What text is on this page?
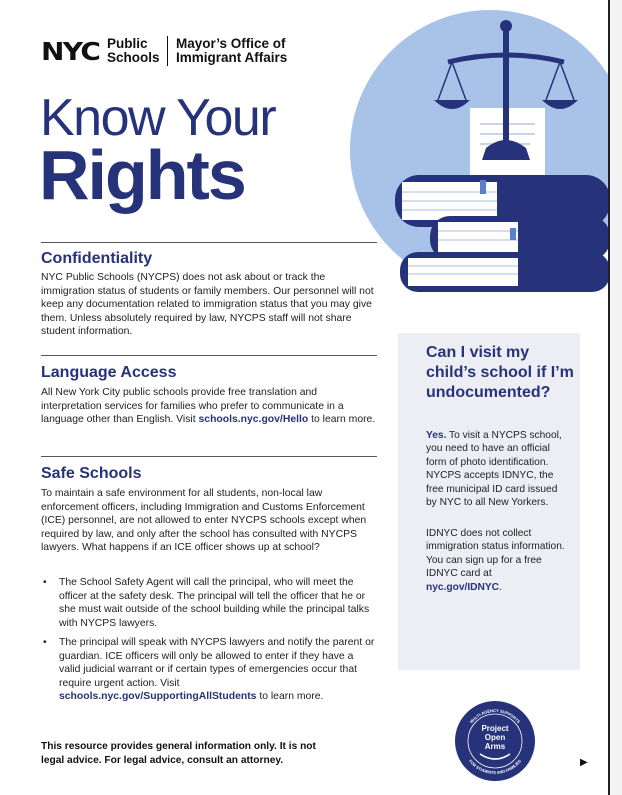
NYC Public
Schools
Mayor’s Office of
Immigrant Affairs
Know Your
Rights
Confidentiality

NYC Public Schools (NYCPS) does not ask about or track the immigration status of students or family members. Our personnel will not keep any documentation related to immigration status that you may give them. Unless absolutely required by law, NYCPS staff will not share student information.

Language Access

All New York City public schools provide free translation and interpretation services for families who prefer to communicate in a language other than English. Visit schools.nyc.gov/Hello to learn more.

Safe Schools

To maintain a safe environment for all students, non-local law enforcement officers, including Immigration and Customs Enforcement (ICE) personnel, are not allowed to enter NYCPS schools except when required by law, and only after the school has consulted with NYCPS lawyers. What happens if an ICE officer shows up at school?

• The School Safety Agent will call the principal, who will meet the officer at the safety desk. The principal will tell the officer that he or she must wait outside of the school building while the principal talks with NYCPS lawyers.
• The principal will speak with NYCPS lawyers and notify the parent or guardian. ICE officers will only be allowed to enter if they have a valid judicial warrant or if certain types of emergencies occur that require urgent action. Visit schools.nyc.gov/SupportingAllStudents to learn more.
Can I visit my child’s school if I’m undocumented?
Yes. To visit a NYCPS school, you need to have an official form of photo identification. NYCPS accepts IDNYC, the free municipal ID card issued by NYC to all New Yorkers.
IDNYC does not collect immigration status information. You can sign up for a free IDNYC card at nyc.gov/IDNYC.
This resource provides general information only. It is not legal advice. For legal advice, consult an attorney.
MULTI-AGENCY SUPPORTS
FOR STUDENTS AND FAMILIES
Project
Open
Arms
▶
